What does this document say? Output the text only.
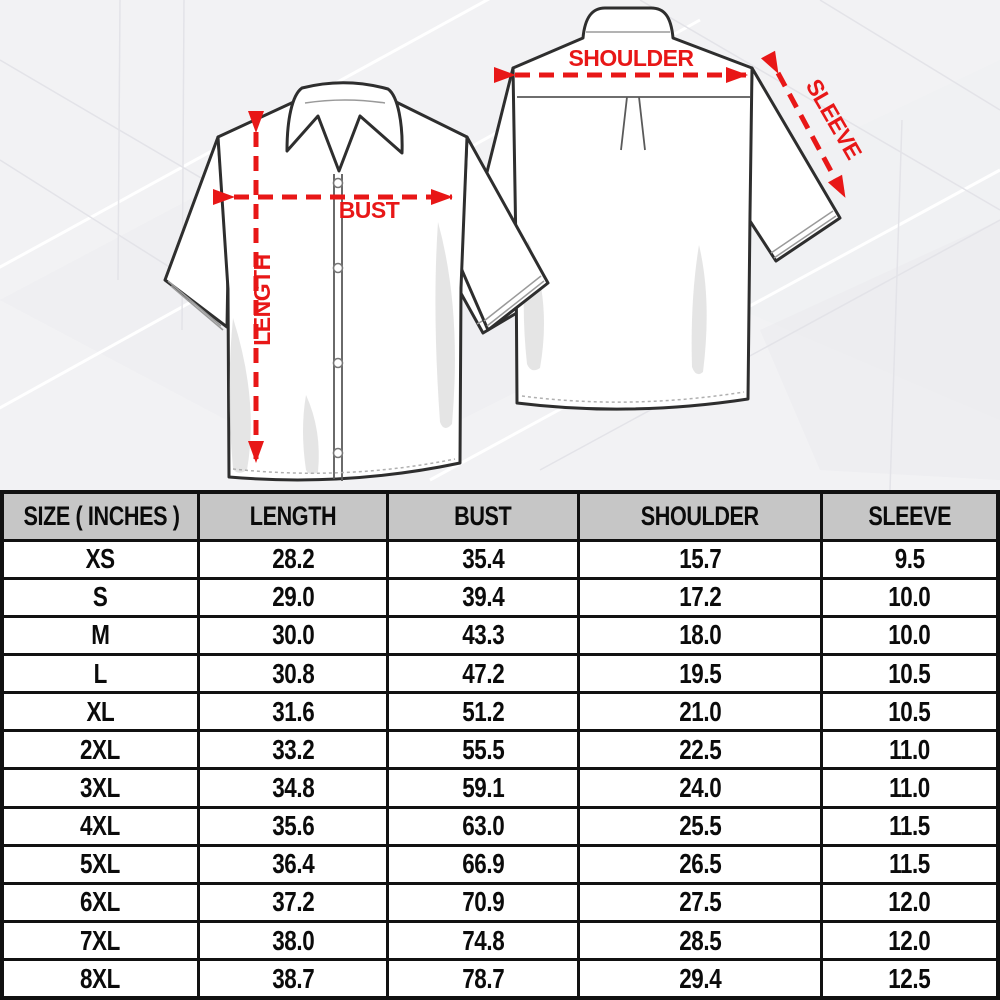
LENGTH
BUST
SHOULDER
SLEEVE
SIZE ( INCHES )	LENGTH	BUST	SHOULDER	SLEEVE
XS	28.2	35.4	15.7	9.5
S	29.0	39.4	17.2	10.0
M	30.0	43.3	18.0	10.0
L	30.8	47.2	19.5	10.5
XL	31.6	51.2	21.0	10.5
2XL	33.2	55.5	22.5	11.0
3XL	34.8	59.1	24.0	11.0
4XL	35.6	63.0	25.5	11.5
5XL	36.4	66.9	26.5	11.5
6XL	37.2	70.9	27.5	12.0
7XL	38.0	74.8	28.5	12.0
8XL	38.7	78.7	29.4	12.5
